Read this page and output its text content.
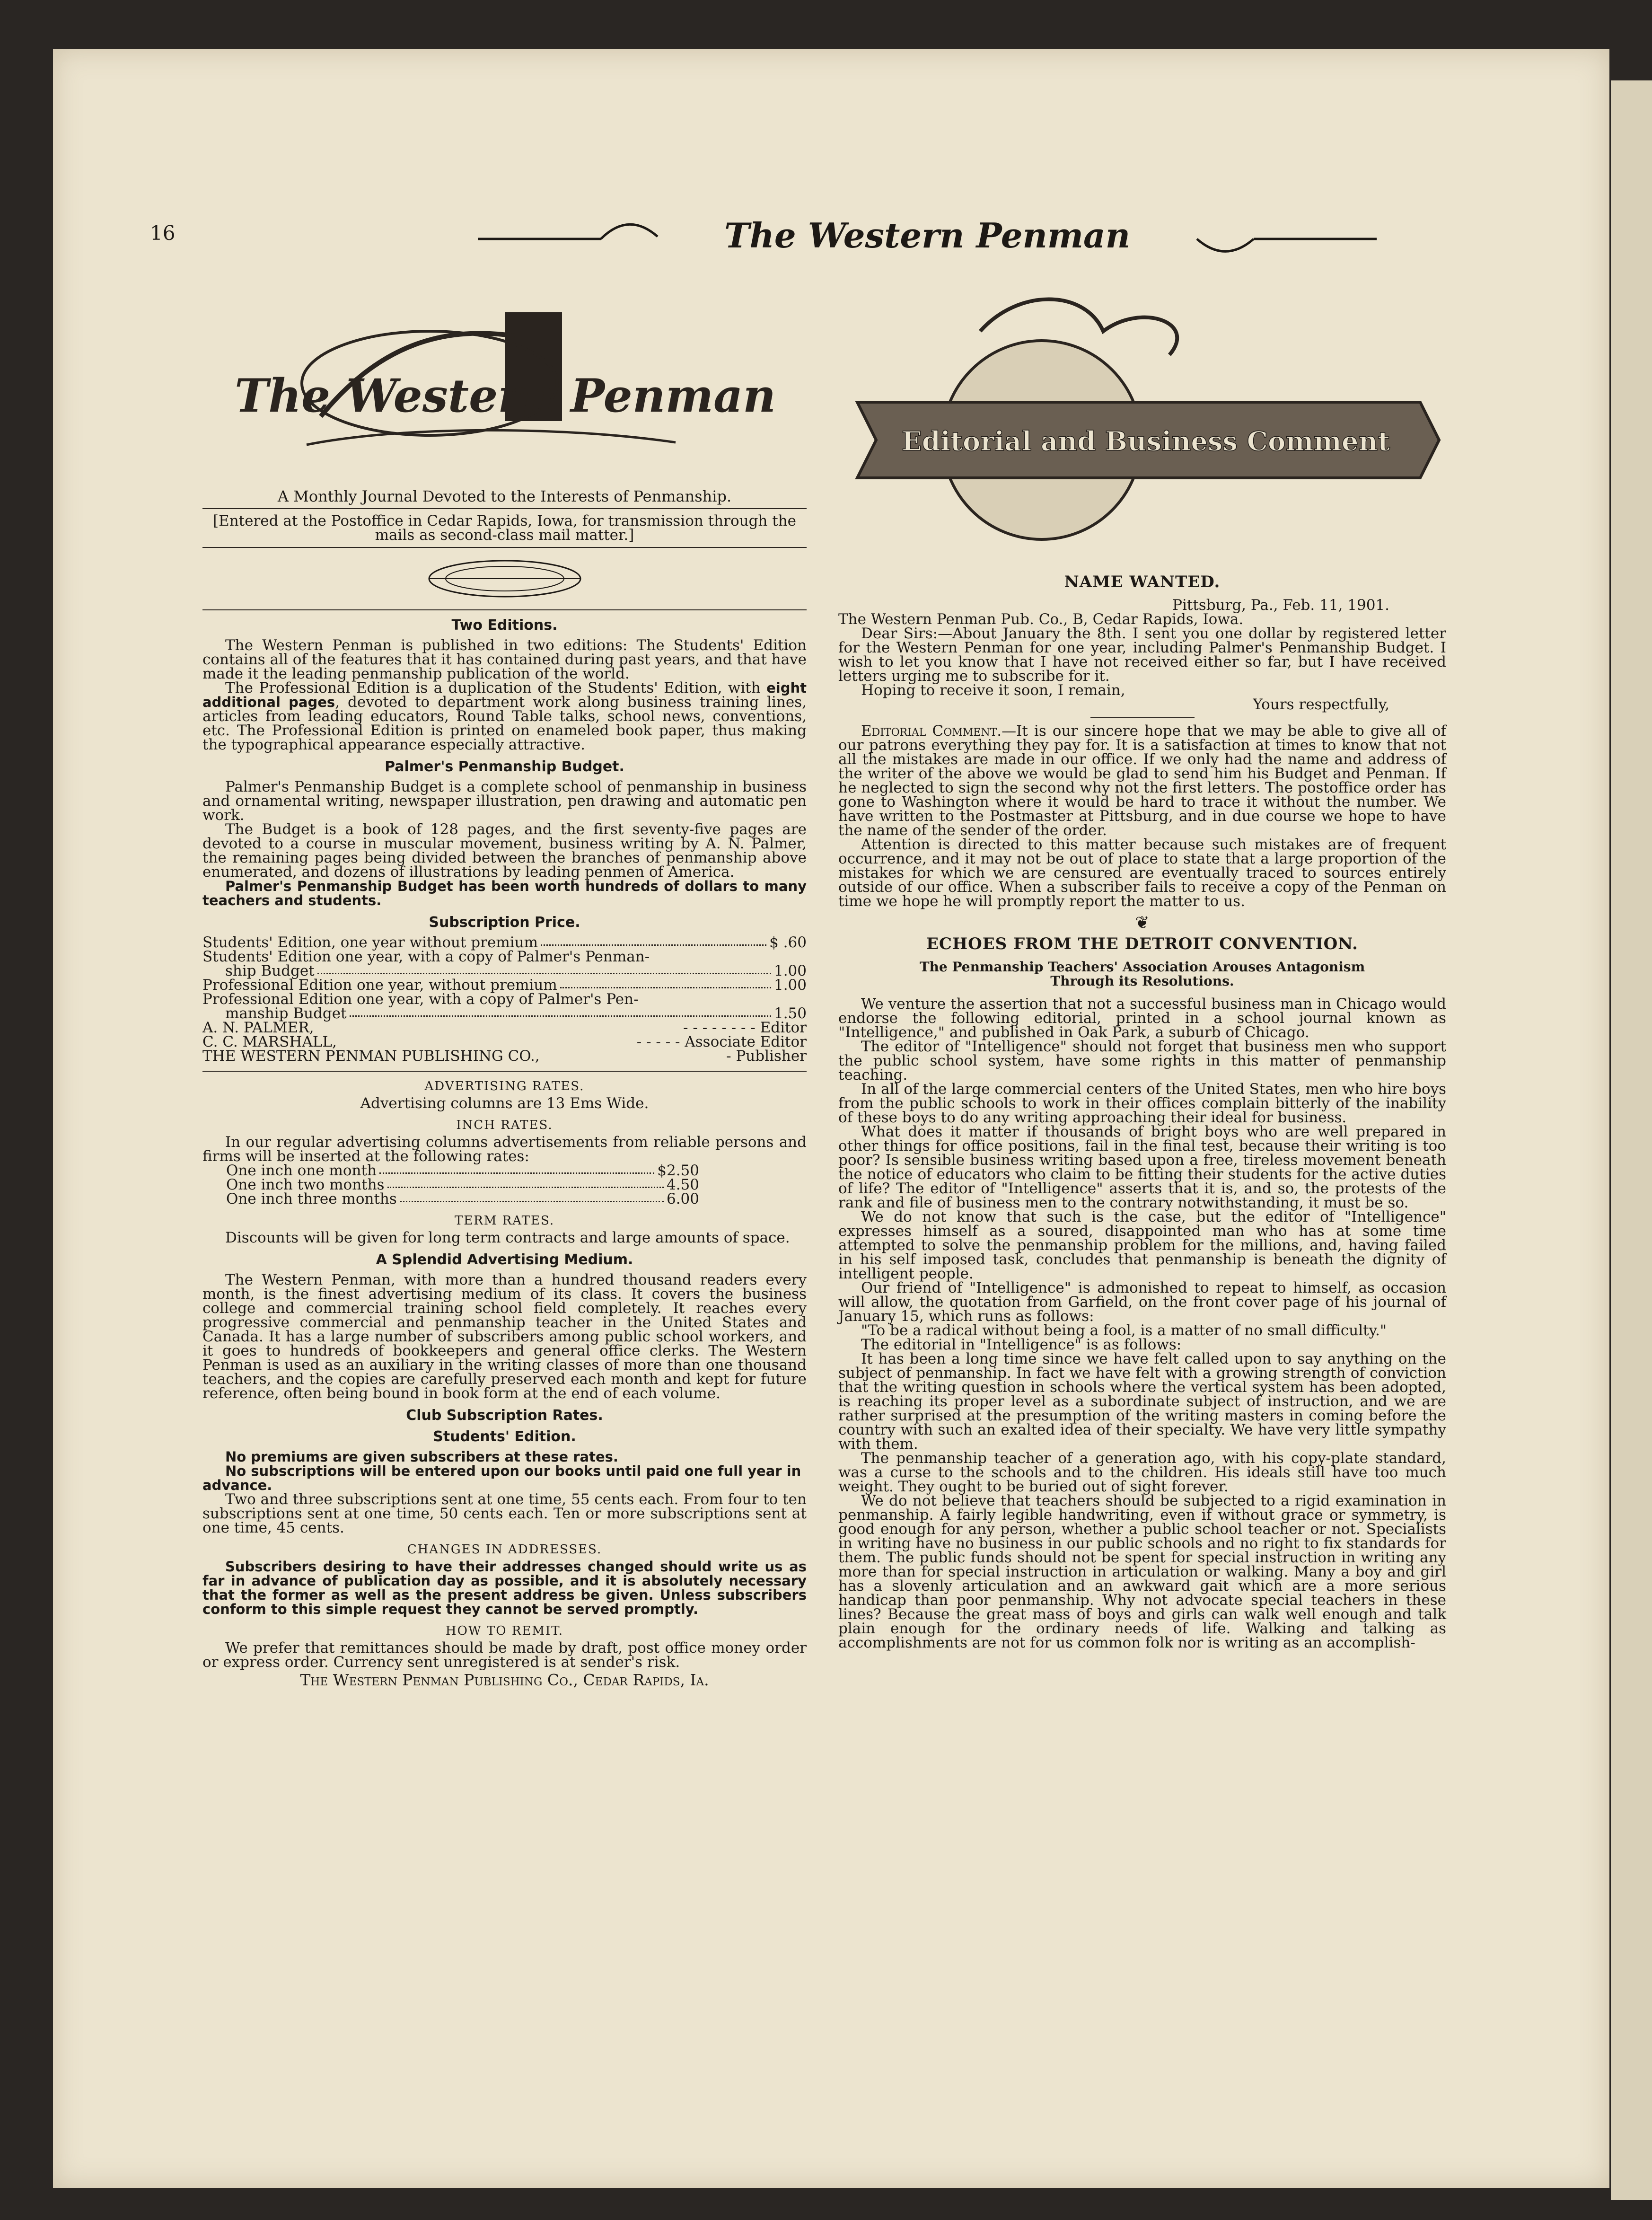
16	The Western Penman
The Western Penman

A Monthly Journal Devoted to the Interests of Penmanship.

[Entered at the Postoffice in Cedar Rapids, Iowa, for transmission through the mails as second-class mail matter.]

Two Editions.

The Western Penman is published in two editions: The Students' Edition contains all of the features that it has contained during past years, and that have made it the leading penmanship publication of the world.

The Professional Edition is a duplication of the Students' Edition, with eight additional pages, devoted to department work along business training lines, articles from leading educators, Round Table talks, school news, conventions, etc. The Professional Edition is printed on enameled book paper, thus making the typographical appearance especially attractive.

Palmer's Penmanship Budget.

Palmer's Penmanship Budget is a complete school of penmanship in business and ornamental writing, newspaper illustration, pen drawing and automatic pen work.

The Budget is a book of 128 pages, and the first seventy-five pages are devoted to a course in muscular movement, business writing by A. N. Palmer, the remaining pages being divided between the branches of penmanship above enumerated, and dozens of illustrations by leading penmen of America.

Palmer's Penmanship Budget has been worth hundreds of dollars to many teachers and students.

Subscription Price.
Students' Edition, one year without premium	$ .60
Students' Edition one year, with a copy of Palmer's Penman-
ship Budget	1.00
Professional Edition one year, without premium	1.00
Professional Edition one year, with a copy of Palmer's Pen-
manship Budget	1.50
A. N. PALMER,	- - - - - - - - Editor
C. C. MARSHALL,	- - - - - Associate Editor
THE WESTERN PENMAN PUBLISHING CO.,	- Publisher
ADVERTISING RATES.

Advertising columns are 13 Ems Wide.

INCH RATES.

In our regular advertising columns advertisements from reliable persons and firms will be inserted at the following rates:

One inch one month	$2.50
One inch two months	4.50
One inch three months	6.00
TERM RATES.

Discounts will be given for long term contracts and large amounts of space.

A Splendid Advertising Medium.

The Western Penman, with more than a hundred thousand readers every month, is the finest advertising medium of its class. It covers the business college and commercial training school field completely. It reaches every progressive commercial and penmanship teacher in the United States and Canada. It has a large number of subscribers among public school workers, and it goes to hundreds of bookkeepers and general office clerks. The Western Penman is used as an auxiliary in the writing classes of more than one thousand teachers, and the copies are carefully preserved each month and kept for future reference, often being bound in book form at the end of each volume.

Club Subscription Rates.
Students' Edition.

No premiums are given subscribers at these rates.

No subscriptions will be entered upon our books until paid one full year in advance.

Two and three subscriptions sent at one time, 55 cents each. From four to ten subscriptions sent at one time, 50 cents each. Ten or more subscriptions sent at one time, 45 cents.

CHANGES IN ADDRESSES.

Subscribers desiring to have their addresses changed should write us as far in advance of publication day as possible, and it is absolutely necessary that the former as well as the present address be given. Unless subscribers conform to this simple request they cannot be served promptly.

HOW TO REMIT.

We prefer that remittances should be made by draft, post office money order or express order. Currency sent unregistered is at sender's risk.

The Western Penman Publishing Co., Cedar Rapids, Ia.

Editorial and Business Comment
NAME WANTED.

Pittsburg, Pa., Feb. 11, 1901.

The Western Penman Pub. Co., B, Cedar Rapids, Iowa.

Dear Sirs:—About January the 8th. I sent you one dollar by registered letter for the Western Penman for one year, including Palmer's Penmanship Budget. I wish to let you know that I have not received either so far, but I have received letters urging me to subscribe for it.

Hoping to receive it soon, I remain,

Yours respectfully,

Editorial Comment.—It is our sincere hope that we may be able to give all of our patrons everything they pay for. It is a satisfaction at times to know that not all the mistakes are made in our office. If we only had the name and address of the writer of the above we would be glad to send him his Budget and Penman. If he neglected to sign the second why not the first letters. The postoffice order has gone to Washington where it would be hard to trace it without the number. We have written to the Postmaster at Pittsburg, and in due course we hope to have the name of the sender of the order.

Attention is directed to this matter because such mistakes are of frequent occurrence, and it may not be out of place to state that a large proportion of the mistakes for which we are censured are eventually traced to sources entirely outside of our office. When a subscriber fails to receive a copy of the Penman on time we hope he will promptly report the matter to us.

❦
ECHOES FROM THE DETROIT CONVENTION.

The Penmanship Teachers' Association Arouses Antagonism

Through its Resolutions.

We venture the assertion that not a successful business man in Chicago would endorse the following editorial, printed in a school journal known as "Intelligence," and published in Oak Park, a suburb of Chicago.

The editor of "Intelligence" should not forget that business men who support the public school system, have some rights in this matter of penmanship teaching.

In all of the large commercial centers of the United States, men who hire boys from the public schools to work in their offices complain bitterly of the inability of these boys to do any writing approaching their ideal for business.

What does it matter if thousands of bright boys who are well prepared in other things for office positions, fail in the final test, because their writing is too poor? Is sensible business writing based upon a free, tireless movement beneath the notice of educators who claim to be fitting their students for the active duties of life? The editor of "Intelligence" asserts that it is, and so, the protests of the rank and file of business men to the contrary notwithstanding, it must be so.

We do not know that such is the case, but the editor of "Intelligence" expresses himself as a soured, disappointed man who has at some time attempted to solve the penmanship problem for the millions, and, having failed in his self imposed task, concludes that penmanship is beneath the dignity of intelligent people.

Our friend of "Intelligence" is admonished to repeat to himself, as occasion will allow, the quotation from Garfield, on the front cover page of his journal of January 15, which runs as follows:

"To be a radical without being a fool, is a matter of no small difficulty."

The editorial in "Intelligence" is as follows:

It has been a long time since we have felt called upon to say anything on the subject of penmanship. In fact we have felt with a growing strength of conviction that the writing question in schools where the vertical system has been adopted, is reaching its proper level as a subordinate subject of instruction, and we are rather surprised at the presumption of the writing masters in coming before the country with such an exalted idea of their specialty. We have very little sympathy with them.

The penmanship teacher of a generation ago, with his copy-plate standard, was a curse to the schools and to the children. His ideals still have too much weight. They ought to be buried out of sight forever.

We do not believe that teachers should be subjected to a rigid examination in penmanship. A fairly legible handwriting, even if without grace or symmetry, is good enough for any person, whether a public school teacher or not. Specialists in writing have no business in our public schools and no right to fix standards for them. The public funds should not be spent for special instruction in writing any more than for special instruction in articulation or walking. Many a boy and girl has a slovenly articulation and an awkward gait which are a more serious handicap than poor penmanship. Why not advocate special teachers in these lines? Because the great mass of boys and girls can walk well enough and talk plain enough for the ordinary needs of life. Walking and talking as accomplishments are not for us common folk nor is writing as an accomplish-
